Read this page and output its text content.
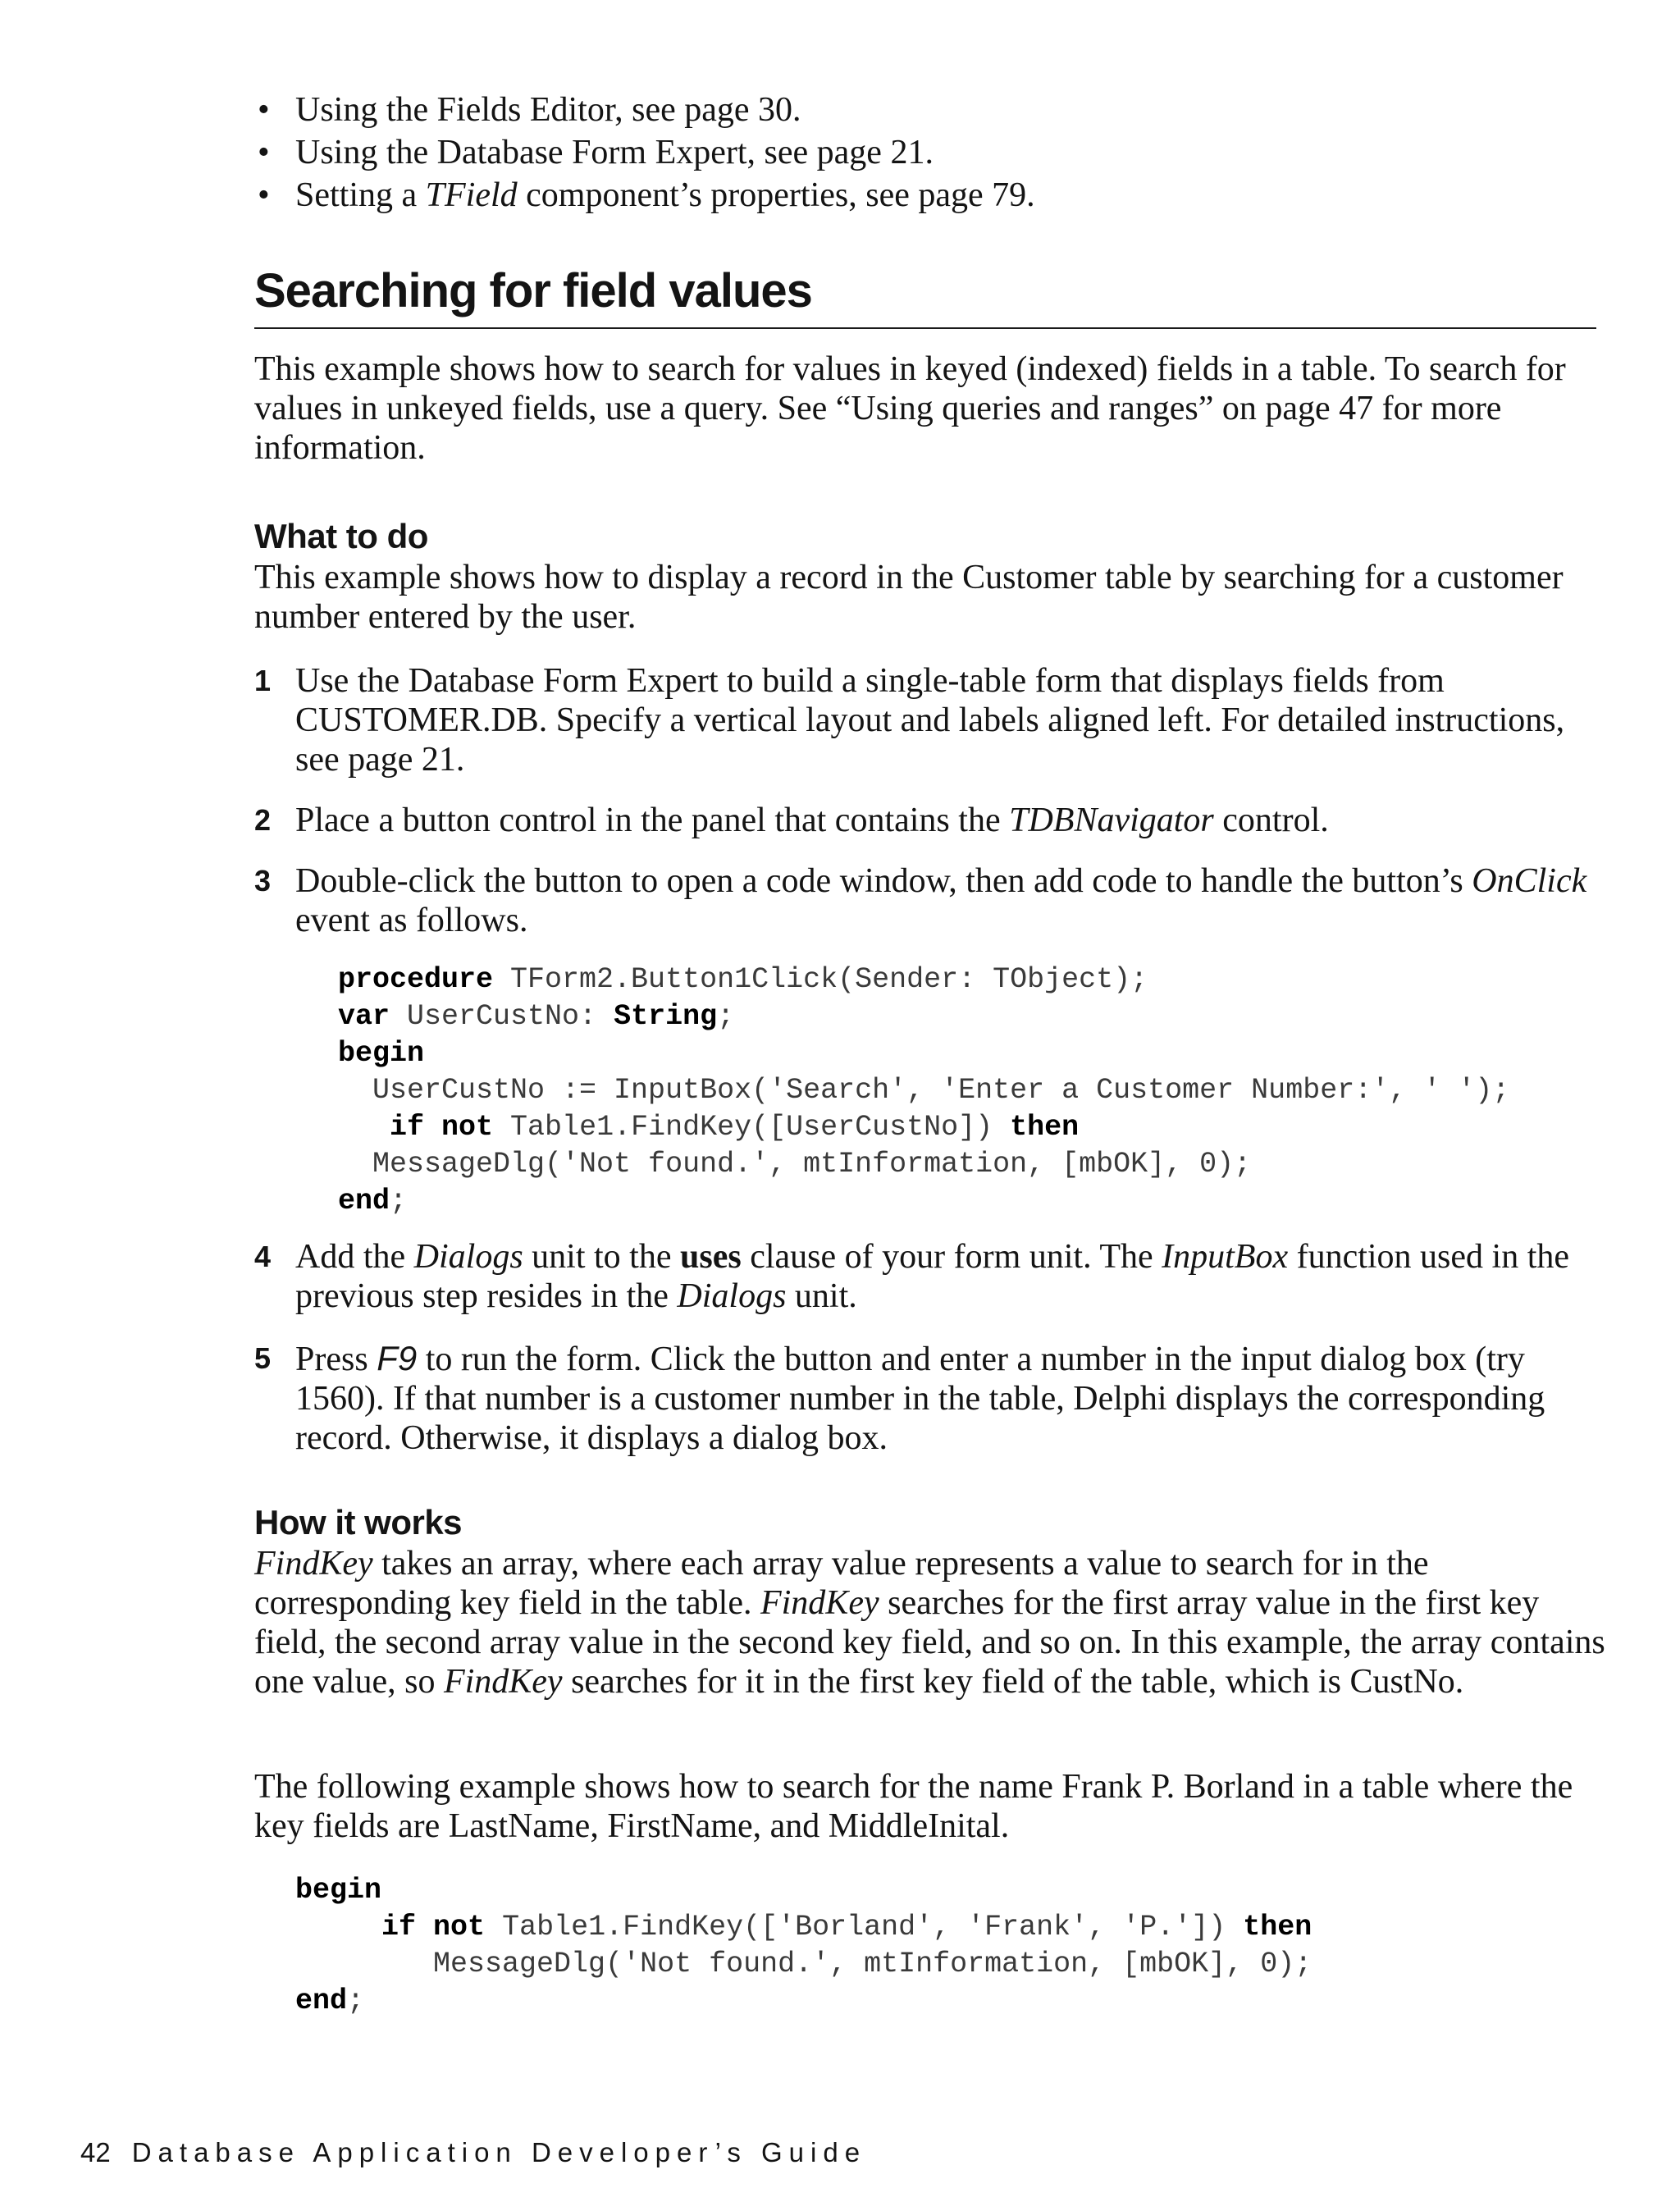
• Using the Fields Editor, see page 30.
• Using the Database Form Expert, see page 21.
• Setting a TField component’s properties, see page 79.
Searching for field values

This example shows how to search for values in keyed (indexed) fields in a table. To search for values in unkeyed fields, use a query. See “Using queries and ranges” on page 47 for more information.

What to do

This example shows how to display a record in the Customer table by searching for a customer number entered by the user.

1 Use the Database Form Expert to build a single-table form that displays fields from CUSTOMER.DB. Specify a vertical layout and labels aligned left. For detailed instructions, see page 21.
2 Place a button control in the panel that contains the TDBNavigator control.
3 Double-click the button to open a code window, then add code to handle the button’s OnClick event as follows.
procedure TForm2.Button1Click(Sender: TObject);
var UserCustNo: String;
begin
UserCustNo := InputBox('Search', 'Enter a Customer Number:', ' ');
if not Table1.FindKey([UserCustNo]) then
MessageDlg('Not found.', mtInformation, [mbOK], 0);
end;
4 Add the Dialogs unit to the uses clause of your form unit. The InputBox function used in the previous step resides in the Dialogs unit.
5 Press F9 to run the form. Click the button and enter a number in the input dialog box (try 1560). If that number is a customer number in the table, Delphi displays the corresponding record. Otherwise, it displays a dialog box.
How it works

FindKey takes an array, where each array value represents a value to search for in the corresponding key field in the table. FindKey searches for the first array value in the first key field, the second array value in the second key field, and so on. In this example, the array contains one value, so FindKey searches for it in the first key field of the table, which is CustNo.

The following example shows how to search for the name Frank P. Borland in a table where the key fields are LastName, FirstName, and MiddleInital.

begin
if not Table1.FindKey(['Borland', 'Frank', 'P.']) then
MessageDlg('Not found.', mtInformation, [mbOK], 0);
end;
42 Database Application Developer’s Guide
